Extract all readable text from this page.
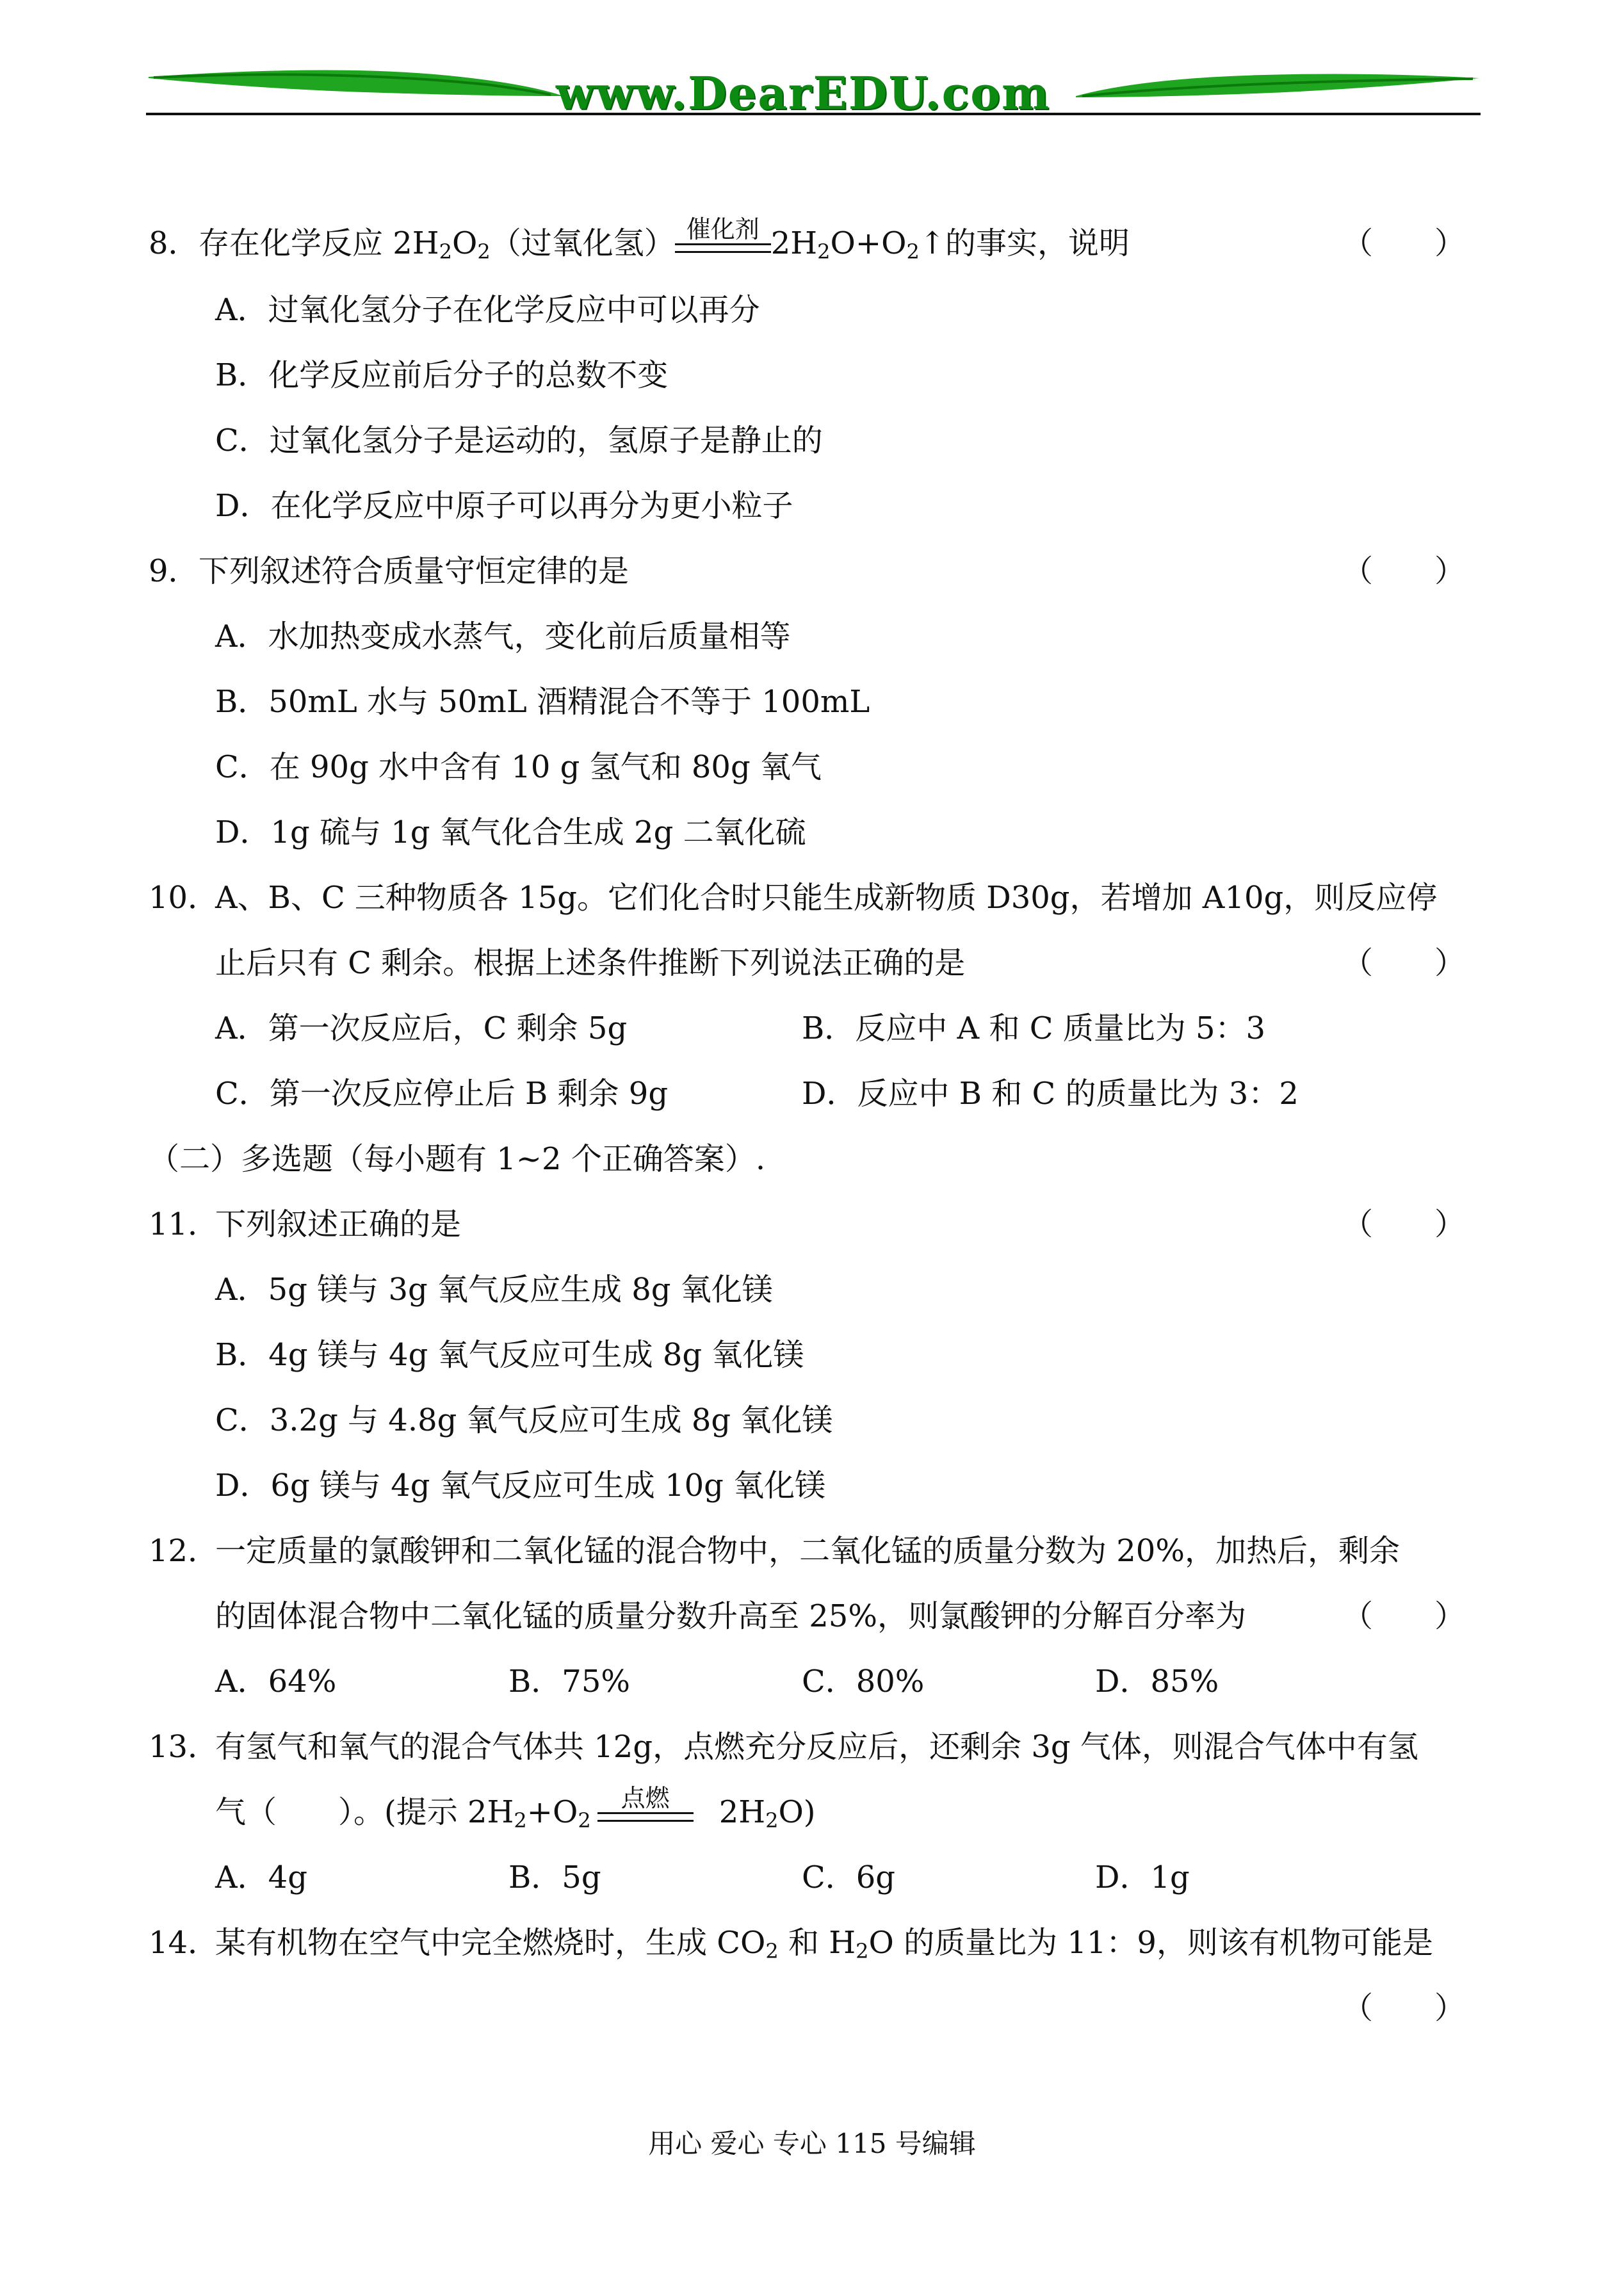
www.DearEDU.com
8． 存在化学反应 $2H_2O_2$（过氧化氢） 催化剂 $2H_2O+O_2↑$的事实，说明	（　　）
A．过氧化氢分子在化学反应中可以再分
B．化学反应前后分子的总数不变
C．过氧化氢分子是运动的，氢原子是静止的
D．在化学反应中原子可以再分为更小粒子
9． 下列叙述符合质量守恒定律的是	（　　）
A．水加热变成水蒸气，变化前后质量相等
B．50mL 水与 50mL 酒精混合不等于 100mL
C．在 90g 水中含有 10 g 氢气和 80g 氧气
D．1g 硫与 1g 氧气化合生成 2g 二氧化硫
10．
A、B、C 三种物质各 15g。它们化合时只能生成新物质 D30g，若增加 A10g，则反应停
止后只有 C 剩余。根据上述条件推断下列说法正确的是	（　　）
A．第一次反应后，C 剩余 5g	B．反应中 A 和 C 质量比为 5：3
C．第一次反应停止后 B 剩余 9g	D．反应中 B 和 C 的质量比为 3：2
（二）多选题（每小题有 1~2 个正确答案）.
11．
下列叙述正确的是	（　　）
A．5g 镁与 3g 氧气反应生成 8g 氧化镁
B．4g 镁与 4g 氧气反应可生成 8g 氧化镁
C．3.2g 与 4.8g 氧气反应可生成 8g 氧化镁
D．6g 镁与 4g 氧气反应可生成 10g 氧化镁
12．
一定质量的氯酸钾和二氧化锰的混合物中，二氧化锰的质量分数为 20%，加热后，剩余
的固体混合物中二氧化锰的质量分数升高至 25%，则氯酸钾的分解百分率为	（　　）
A．64%	B．75%	C．80%	D．85%
13．
有氢气和氧气的混合气体共 12g，点燃充分反应后，还剩余 3g 气体，则混合气体中有氢
气（　　）。(提示 $2H_2+O_2$
点燃	$2H_2O$)
A．4g	B．5g	C．6g	D．1g
14．
某有机物在空气中完全燃烧时，生成 $CO_2$ 和 $H_2O$ 的质量比为 11：9，则该有机物可能是
（　　）
用心 爱心 专心 115 号编辑
